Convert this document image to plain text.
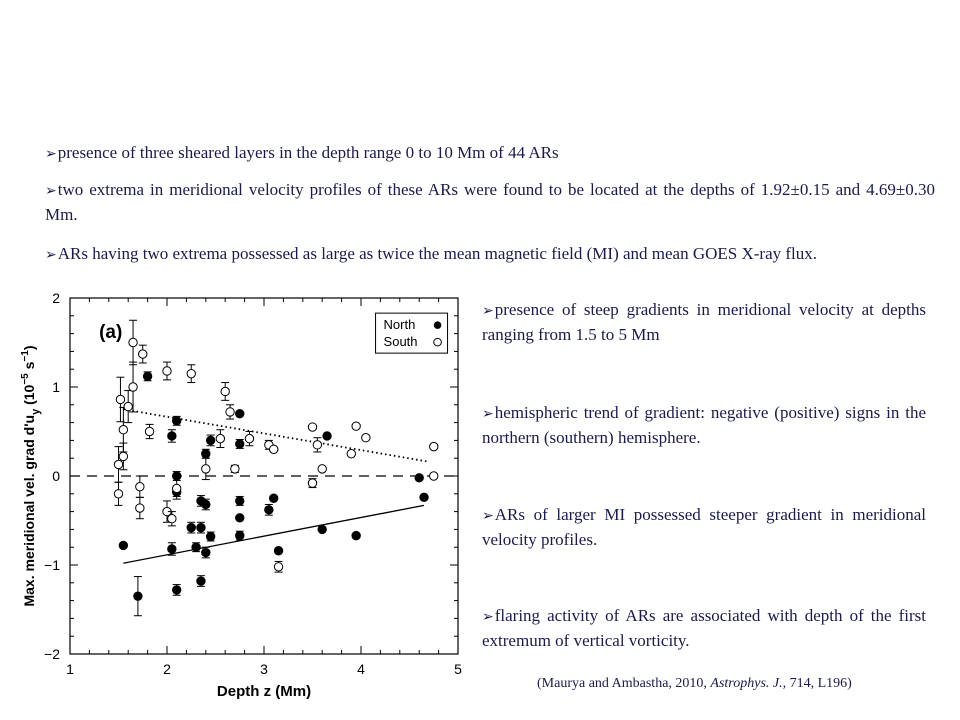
➢presence of three sheared layers in the depth range 0 to 10 Mm of 44 ARs
➢two extrema in meridional velocity profiles of these ARs were found to be located at the depths of 1.92±0.15 and 4.69±0.30 Mm.
➢ARs having two extrema possessed as large as twice the mean magnetic field (MI) and mean GOES X-ray flux.
➢presence of steep gradients in meridional velocity at depths ranging from 1.5 to 5 Mm
➢hemispheric trend of gradient: negative (positive) signs in the northern (southern) hemisphere.
➢ARs of larger MI possessed steeper gradient in meridional velocity profiles.
➢flaring activity of ARs are associated with depth of the first extremum of vertical vorticity.
(Maurya and Ambastha, 2010, Astrophys. J., 714, L196)
1	2	3	4	5
−2
−1
0
1
2
(a)	North
South
Depth z (Mm)
Max. meridional vel. grad $d'u_y$ ($10^{-5}$ $s^{-1}$)
